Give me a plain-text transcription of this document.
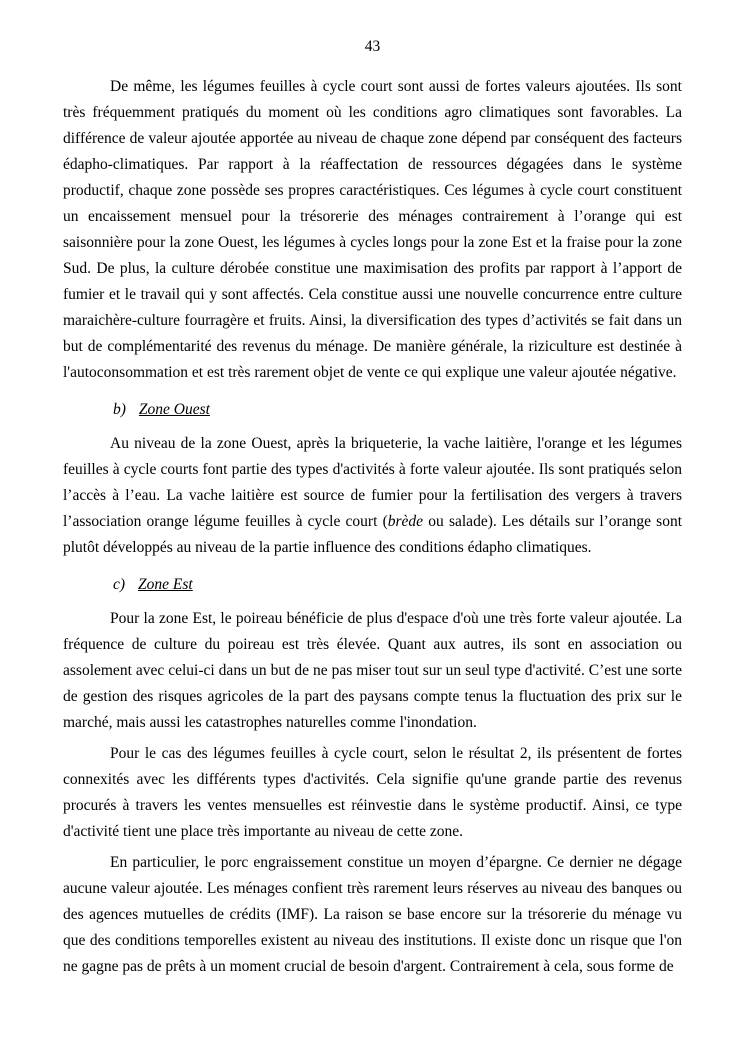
43

De même, les légumes feuilles à cycle court sont aussi de fortes valeurs ajoutées. Ils sont très fréquemment pratiqués du moment où les conditions agro climatiques sont favorables. La différence de valeur ajoutée apportée au niveau de chaque zone dépend par conséquent des facteurs édapho-climatiques. Par rapport à la réaffectation de ressources dégagées dans le système productif, chaque zone possède ses propres caractéristiques. Ces légumes à cycle court constituent un encaissement mensuel pour la trésorerie des ménages contrairement à l’orange qui est saisonnière pour la zone Ouest, les légumes à cycles longs pour la zone Est et la fraise pour la zone Sud. De plus, la culture dérobée constitue une maximisation des profits par rapport à l’apport de fumier et le travail qui y sont affectés. Cela constitue aussi une nouvelle concurrence entre culture maraichère-culture fourragère et fruits. Ainsi, la diversification des types d’activités se fait dans un but de complémentarité des revenus du ménage. De manière générale, la riziculture est destinée à l'autoconsommation et est très rarement objet de vente ce qui explique une valeur ajoutée négative.

b) Zone Ouest

Au niveau de la zone Ouest, après la briqueterie, la vache laitière, l'orange et les légumes feuilles à cycle courts font partie des types d'activités à forte valeur ajoutée. Ils sont pratiqués selon l’accès à l’eau. La vache laitière est source de fumier pour la fertilisation des vergers à travers l’association orange légume feuilles à cycle court (brède ou salade). Les détails sur l’orange sont plutôt développés au niveau de la partie influence des conditions édapho climatiques.

c) Zone Est

Pour la zone Est, le poireau bénéficie de plus d'espace d'où une très forte valeur ajoutée. La fréquence de culture du poireau est très élevée. Quant aux autres, ils sont en association ou assolement avec celui-ci dans un but de ne pas miser tout sur un seul type d'activité. C’est une sorte de gestion des risques agricoles de la part des paysans compte tenus la fluctuation des prix sur le marché, mais aussi les catastrophes naturelles comme l'inondation.

Pour le cas des légumes feuilles à cycle court, selon le résultat 2, ils présentent de fortes connexités avec les différents types d'activités. Cela signifie qu'une grande partie des revenus procurés à travers les ventes mensuelles est réinvestie dans le système productif. Ainsi, ce type d'activité tient une place très importante au niveau de cette zone.

En particulier, le porc engraissement constitue un moyen d’épargne. Ce dernier ne dégage aucune valeur ajoutée. Les ménages confient très rarement leurs réserves au niveau des banques ou des agences mutuelles de crédits (IMF). La raison se base encore sur la trésorerie du ménage vu que des conditions temporelles existent au niveau des institutions. Il existe donc un risque que l'on ne gagne pas de prêts à un moment crucial de besoin d'argent. Contrairement à cela, sous forme de
